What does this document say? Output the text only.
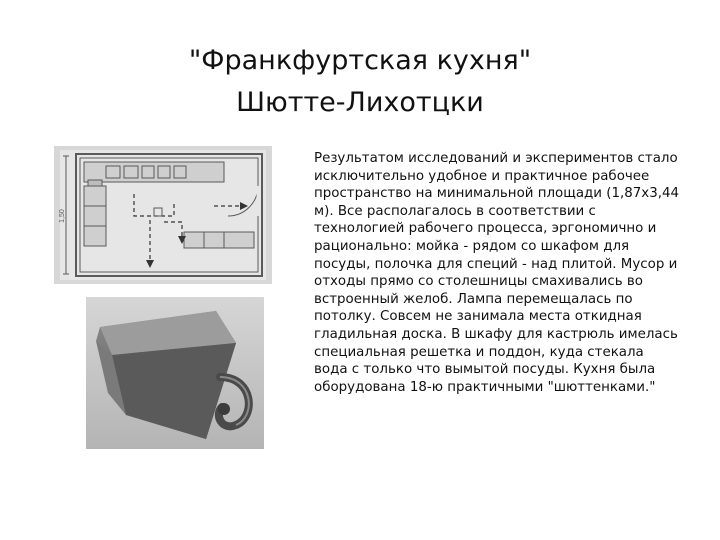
"Франкфуртская кухня"
Шютте-Лихотцки
1,50
Результатом исследований и экспериментов стало исключительно удобное и практичное рабочее пространство на минимальной площади (1,87х3,44 м). Все располагалось в соответствии с технологией рабочего процесса, эргономично и рационально: мойка - рядом со шкафом для посуды, полочка для специй - над плитой. Мусор и отходы прямо со столешницы смахивались во встроенный желоб. Лампа перемещалась по потолку. Совсем не занимала места откидная гладильная доска. В шкафу для кастрюль имелась специальная решетка и поддон, куда стекала вода с только что вымытой посуды. Кухня была оборудована 18-ю практичными "шюттенками."
